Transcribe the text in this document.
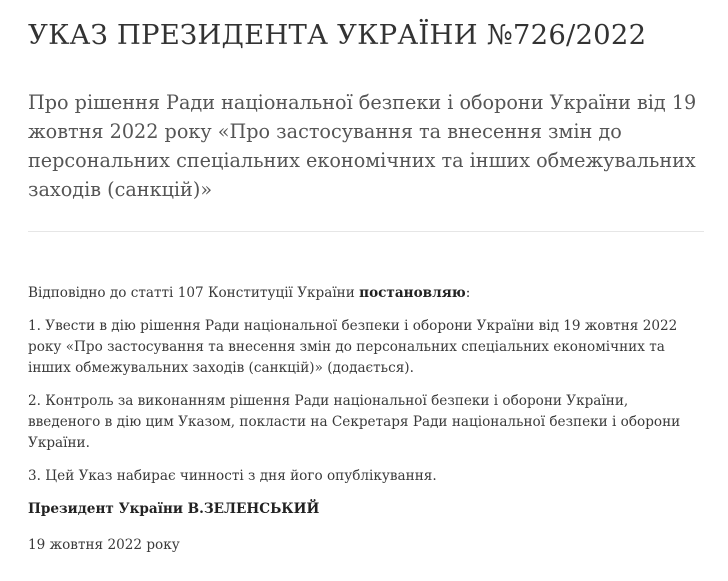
УКАЗ ПРЕЗИДЕНТА УКРАЇНИ №726/2022
Про рішення Ради національної безпеки і оборони України від 19 жовтня 2022 року «Про застосування та внесення змін до персональних спеціальних економічних та інших обмежувальних заходів (санкцій)»

Відповідно до статті 107 Конституції України постановляю:

1. Увести в дію рішення Ради національної безпеки і оборони України від 19 жовтня 2022 року «Про застосування та внесення змін до персональних спеціальних економічних та інших обмежувальних заходів (санкцій)» (додається).

2. Контроль за виконанням рішення Ради національної безпеки і оборони України, введеного в дію цим Указом, покласти на Секретаря Ради національної безпеки і оборони України.

3. Цей Указ набирає чинності з дня його опублікування.

Президент України В.ЗЕЛЕНСЬКИЙ

19 жовтня 2022 року
